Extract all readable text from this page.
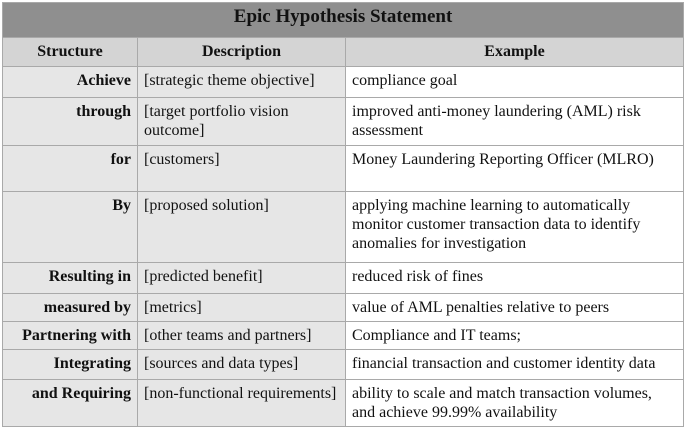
Epic Hypothesis Statement		
Structure	Description	Example
Achieve	[strategic theme objective]	compliance goal
through	[target portfolio vision outcome]	improved anti-money laundering (AML) risk assessment
for	[customers]	Money Laundering Reporting Officer (MLRO)
By	[proposed solution]	applying machine learning to automatically monitor customer transaction data to identify anomalies for investigation
Resulting in	[predicted benefit]	reduced risk of fines
measured by	[metrics]	value of AML penalties relative to peers
Partnering with	[other teams and partners]	Compliance and IT teams;
Integrating	[sources and data types]	financial transaction and customer identity data
and Requiring	[non-functional requirements]	ability to scale and match transaction volumes, and achieve 99.99% availability
